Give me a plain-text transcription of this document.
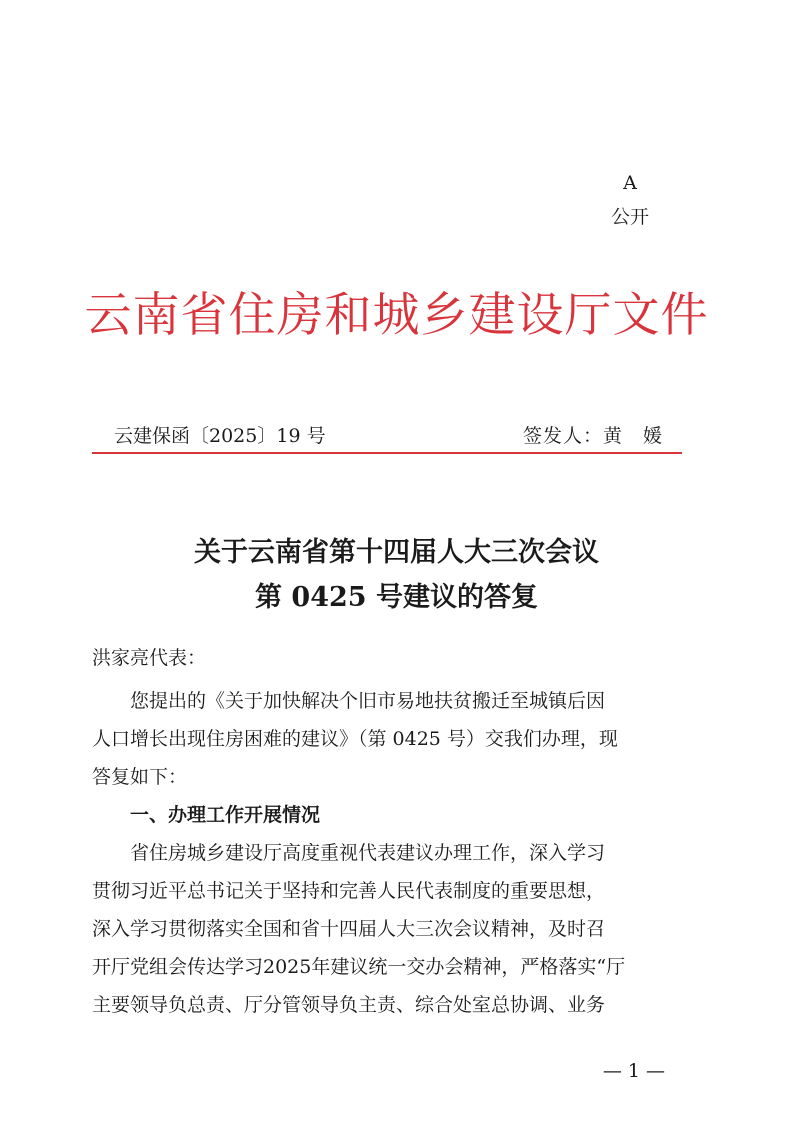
A
公开
云南省住房和城乡建设厅文件
云建保函〔2025〕19 号	签发人：黄　媛
关于云南省第十四届人大三次会议
第 0425 号建议的答复
洪家亮代表：
您提出的《关于加快解决个旧市易地扶贫搬迁至城镇后因
人口增长出现住房困难的建议》（第 0425 号）交我们办理，现
答复如下：
一、办理工作开展情况
省住房城乡建设厅高度重视代表建议办理工作，深入学习
贯彻习近平总书记关于坚持和完善人民代表制度的重要思想，
深入学习贯彻落实全国和省十四届人大三次会议精神，及时召
开厅党组会传达学习2025年建议统一交办会精神，严格落实“厅
主要领导负总责、厅分管领导负主责、综合处室总协调、业务
— 1 —
